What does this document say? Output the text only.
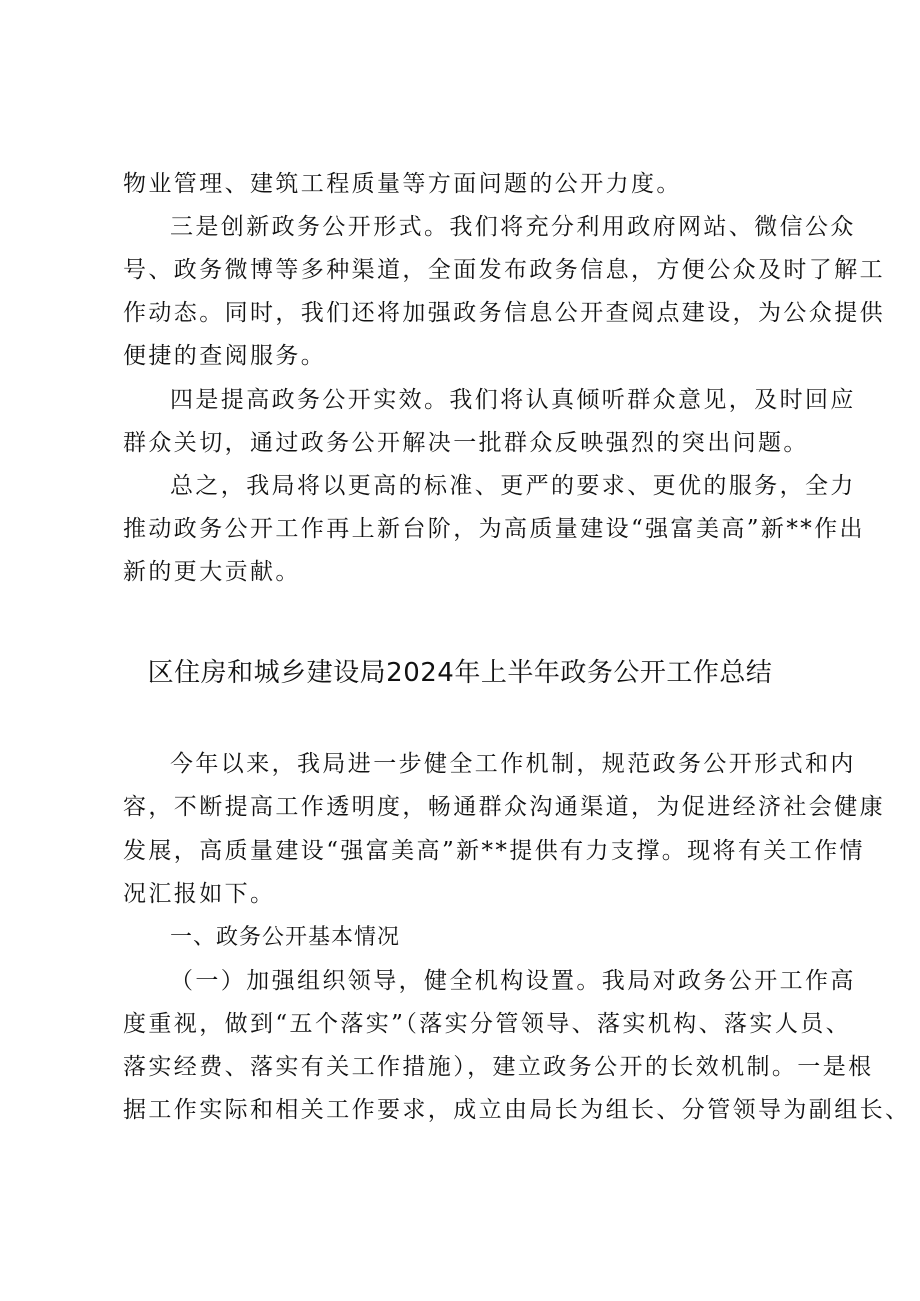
物业管理、建筑工程质量等方面问题的公开力度。
三是创新政务公开形式。我们将充分利用政府网站、微信公众
号、政务微博等多种渠道，全面发布政务信息，方便公众及时了解工
作动态。同时，我们还将加强政务信息公开查阅点建设，为公众提供
便捷的查阅服务。
四是提高政务公开实效。我们将认真倾听群众意见，及时回应
群众关切，通过政务公开解决一批群众反映强烈的突出问题。
总之，我局将以更高的标准、更严的要求、更优的服务，全力
推动政务公开工作再上新台阶，为高质量建设“强富美高”新**作出
新的更大贡献。
区住房和城乡建设局2024年上半年政务公开工作总结
今年以来，我局进一步健全工作机制，规范政务公开形式和内
容，不断提高工作透明度，畅通群众沟通渠道，为促进经济社会健康
发展，高质量建设“强富美高”新**提供有力支撑。现将有关工作情
况汇报如下。
一、政务公开基本情况
（一）加强组织领导，健全机构设置。我局对政务公开工作高
度重视，做到“五个落实”（落实分管领导、落实机构、落实人员、
落实经费、落实有关工作措施），建立政务公开的长效机制。一是根
据工作实际和相关工作要求，成立由局长为组长、分管领导为副组长、
